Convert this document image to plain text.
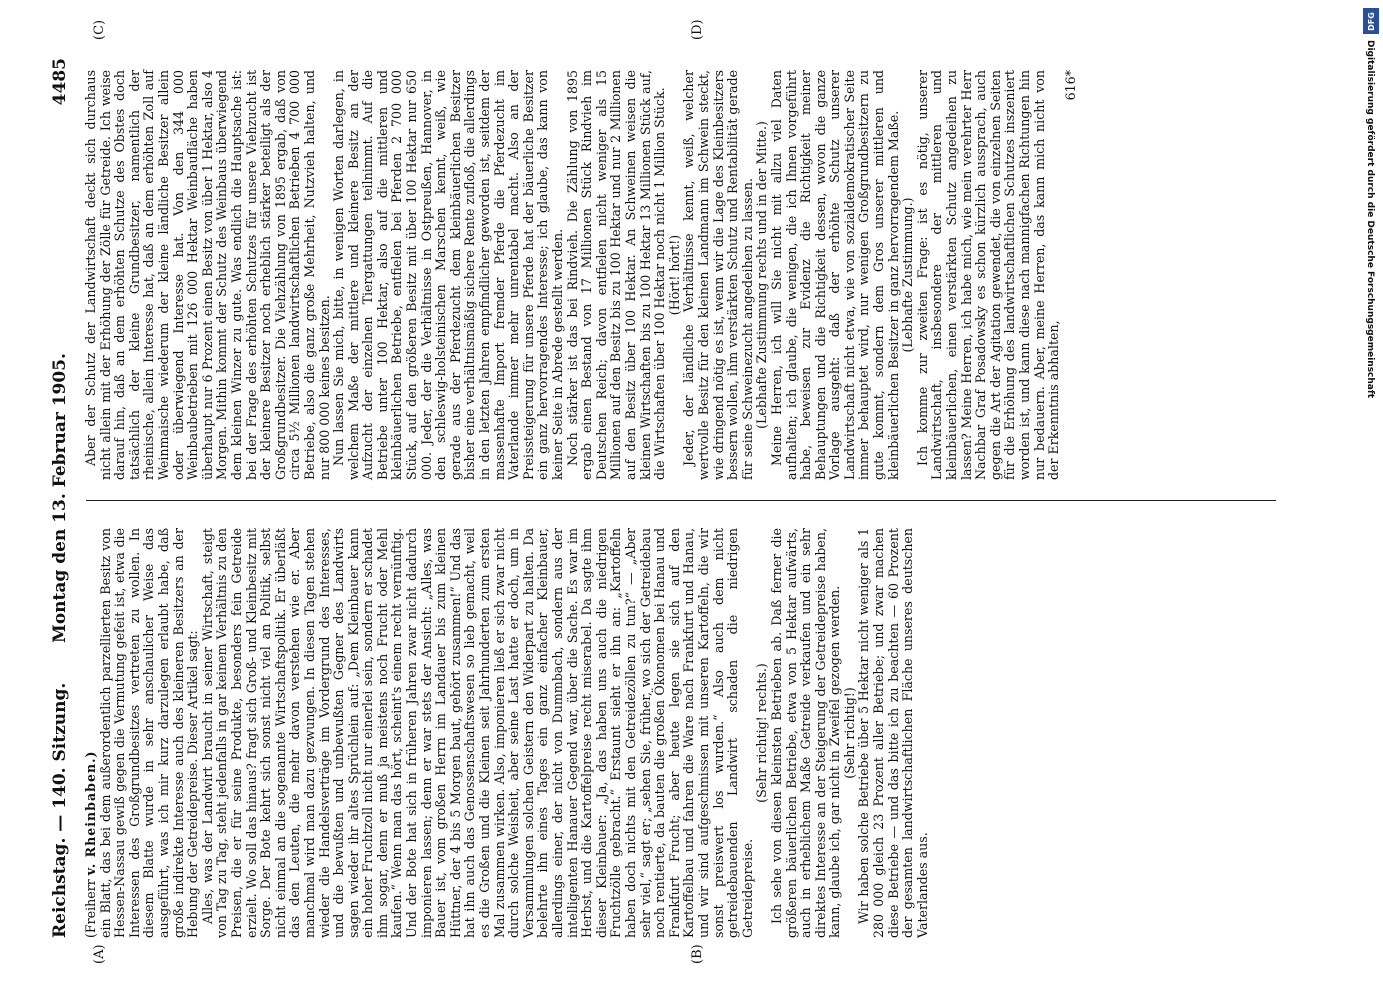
Reichstag. — 140. Sitzung.
Montag den 13. Februar 1905.
4485
(A)	(B)
(C)	(D)

(Freiherr v. Rheinbaben.) ein Blatt, das bei dem außerordentlich parzellierten Besitz von Hessen-Nassau gewiß gegen die Vermutung gefeit ist, etwa die Interessen des Großgrundbesitzes vertreten zu wollen. In diesem Blatte wurde in sehr anschaulicher Weise das ausgeführt, was ich mir kurz darzulegen erlaubt habe, daß große indirekte Interesse auch des kleineren Besitzers an der Hebung der Getreidepreise. Dieser Artikel sagt: Alles, was der Landwirt braucht in seiner Wirtschaft, steigt von Tag zu Tag, steht jedenfalls in gar keinem Verhältnis zu den Preisen, die er für seine Produkte, besonders fein Getreide erzielt. Wo soll das hinaus? fragt sich Groß- und Kleinbesitz mit Sorge. Der Bote kehrt sich sonst nicht viel an Politik, selbst nicht einmal an die sogenannte Wirtschaftspolitik. Er überläßt das den Leuten, die mehr davon verstehen wie er. Aber manchmal wird man dazu gezwungen. In diesen Tagen stehen wieder die Handelsverträge im Vordergrund des Interesses, und die bewußten und unbewußten Gegner des Landwirts sagen wieder ihr altes Sprüchlein auf: „Dem Kleinbauer kann ein hoher Fruchtzoll nicht nur einerlei sein, sondern er schadet ihm sogar, denn er muß ja meistens noch Frucht oder Mehl kaufen.“ Wenn man das hört, scheint's einem recht vernünftig. Und der Bote hat sich in früheren Jahren zwar nicht dadurch imponieren lassen; denn er war stets der Ansicht: „Alles, was Bauer ist, vom großen Herrn im Landauer bis zum kleinen Hüttner, der 4 bis 5 Morgen baut, gehört zusammen!“ Und das hat ihn auch das Genossenschaftswesen so lieb gemacht, weil es die Großen und die Kleinen seit Jahrhunderten zum ersten Mal zusammen wirken. Also, imponieren ließ er sich zwar nicht durch solche Weisheit, aber seine Last hatte er doch, um in Versammlungen solchen Geistern den Widerpart zu halten. Da belehrte ihn eines Tages ein ganz einfacher Kleinbauer, allerdings einer, der nicht von Dummbach, sondern aus der intelligenten Hanauer Gegend war, über die Sache. Es war im Herbst, und die Kartoffelpreise recht miserabel. Da sagte ihm dieser Kleinbauer: „Ja, das haben uns auch die niedrigen Fruchtzölle gebracht.“ Erstaunt sieht er ihn an: „Kartoffeln haben doch nichts mit den Getreidezöllen zu tun?“ — „Aber sehr viel,“ sagt er; „sehen Sie, früher, wo sich der Getreidebau noch rentierte, da bauten die großen Ökonomen bei Hanau und Frankfurt Frucht; aber heute legen sie sich auf den Kartoffelbau und fahren die Ware nach Frankfurt und Hanau, und wir sind aufgeschmissen mit unseren Kartoffeln, die wir sonst preiswert los wurden.“ Also auch dem nicht getreidebauenden Landwirt schaden die niedrigen Getreidepreise.

(Sehr richtig! rechts.) Ich sehe von diesen kleinsten Betrieben ab. Daß ferner die größeren bäuerlichen Betriebe, etwa von 5 Hektar aufwärts, auch in erheblichem Maße Getreide verkaufen und ein sehr direktes Interesse an der Steigerung der Getreidepreise haben, kann, glaube ich, gar nicht in Zweifel gezogen werden. (Sehr richtig!) Wir haben solche Betriebe über 5 Hektar nicht weniger als 1 280 000 gleich 23 Prozent aller Betriebe; und zwar machen diese Betriebe — und das bitte ich zu beachten — 60 Prozent der gesamten landwirtschaftlichen Fläche unseres deutschen Vaterlandes aus.

Aber der Schutz der Landwirtschaft deckt sich durchaus nicht allein mit der Erhöhung der Zölle für Getreide. Ich weise darauf hin, daß an dem erhöhten Schutze des Obstes doch tatsächlich der kleine Grundbesitzer, namentlich der rheinische, allein Interesse hat, daß an dem erhöhten Zoll auf Weinmaische wiederum der kleine ländliche Besitzer allein oder überwiegend Interesse hat. Von den 344 000 Weinbaubetrieben mit 126 000 Hektar Weinbaufläche haben überhaupt nur 6 Prozent einen Besitz von über 1 Hektar, also 4 Morgen. Mithin kommt der Schutz des Weinbaus überwiegend dem kleinen Winzer zu gute. Was endlich die Hauptsache ist: bei der Frage des erhöhten Schutzes für unsere Viehzucht ist der kleinere Besitzer noch erheblich stärker beteiligt als der Großgrundbesitzer. Die Viehzählung von 1895 ergab, daß von circa 5½ Millionen landwirtschaftlichen Betrieben 4 700 000 Betriebe, also die ganz große Mehrheit, Nutzvieh halten, und nur 800 000 keines besitzen. Nun lassen Sie mich, bitte, in wenigen Worten darlegen, in welchem Maße der mittlere und kleinere Besitz an der Aufzucht der einzelnen Tiergattungen teilnimmt. Auf die Betriebe unter 100 Hektar, also auf die mittleren und kleinbäuerlichen Betriebe, entfielen bei Pferden 2 700 000 Stück, auf den größeren Besitz mit über 100 Hektar nur 650 000. Jeder, der die Verhältnisse in Ostpreußen, Hannover, in den schleswig-holsteinischen Marschen kennt, weiß, wie gerade aus der Pferdezucht dem kleinbäuerlichen Besitzer bisher eine verhältnismäßig sichere Rente zufloß, die allerdings in den letzten Jahren empfindlicher geworden ist, seitdem der massenhafte Import fremder Pferde die Pferdezucht im Vaterlande immer mehr unrentabel macht. Also an der Preissteigerung für unsere Pferde hat der bäuerliche Besitzer ein ganz hervorragendes Interesse; ich glaube, das kann von keiner Seite in Abrede gestellt werden. Noch stärker ist das bei Rindvieh. Die Zählung von 1895 ergab einen Bestand von 17 Millionen Stück Rindvieh im Deutschen Reich; davon entfielen nicht weniger als 15 Millionen auf den Besitz bis zu 100 Hektar und nur 2 Millionen auf den Besitz über 100 Hektar. An Schweinen weisen die kleinen Wirtschaften bis zu 100 Hektar 13 Millionen Stück auf, die Wirtschaften über 100 Hektar noch nicht 1 Million Stück. (Hört! hört!) Jeder, der ländliche Verhältnisse kennt, weiß, welcher wertvolle Besitz für den kleinen Landmann im Schwein steckt, wie dringend nötig es ist, wenn wir die Lage des Kleinbesitzers bessern wollen, ihm verstärkten Schutz und Rentabilität gerade für seine Schweinezucht angedeihen zu lassen. (Lebhafte Zustimmung rechts und in der Mitte.) Meine Herren, ich will Sie nicht mit allzu viel Daten aufhalten; ich glaube, die wenigen, die ich Ihnen vorgeführt habe, beweisen zur Evidenz die Richtigkeit meiner Behauptungen und die Richtigkeit dessen, wovon die ganze Vorlage ausgeht: daß der erhöhte Schutz unserer Landwirtschaft nicht etwa, wie von sozialdemokratischer Seite immer behauptet wird, nur wenigen Großgrundbesitzern zu gute kommt, sondern dem Gros unserer mittleren und kleinbäuerlichen Besitzer in ganz hervorragendem Maße. (Lebhafte Zustimmung.) Ich komme zur zweiten Frage: ist es nötig, unserer Landwirtschaft, insbesondere der mittleren und kleinbäuerlichen, einen verstärkten Schutz angedeihen zu lassen? Meine Herren, ich habe mich, wie mein verehrter Herr Nachbar Graf Posadowsky es schon kürzlich aussprach, auch gegen die Art der Agitation gewendet, die von einzelnen Seiten für die Erhöhung des landwirtschaftlichen Schutzes inszeniert worden ist, und kann diese nach mannigfachen Richtungen hin nur bedauern. Aber, meine Herren, das kann mich nicht von der Erkenntnis abhalten,

616*
DFG
Digitalisierung gefördert durch die Deutsche Forschungsgemeinschaft
